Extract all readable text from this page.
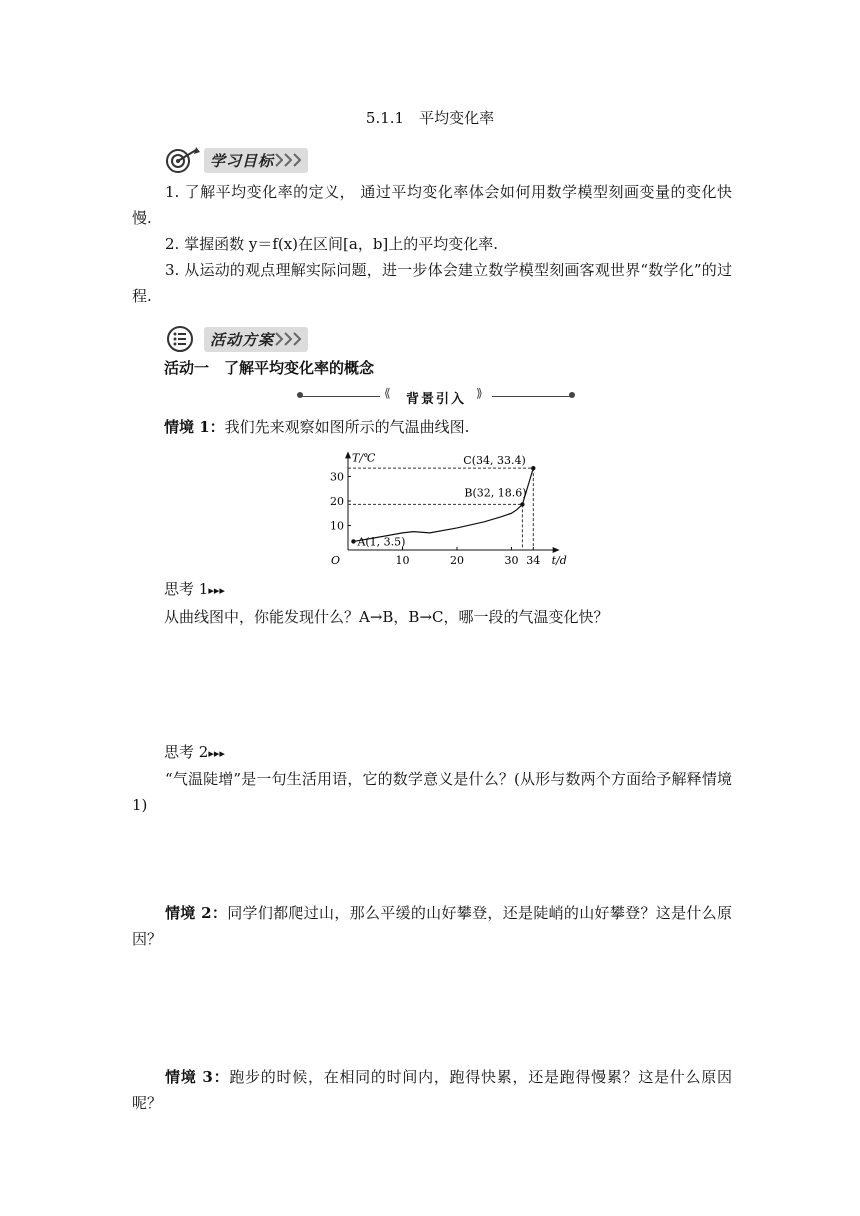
5.1.1　平均变化率
学习目标
1. 了解平均变化率的定义， 通过平均变化率体会如何用数学模型刻画变量的变化快慢.
2. 掌握函数 y＝f(x)在区间[a，b]上的平均变化率.
3. 从运动的观点理解实际问题，进一步体会建立数学模型刻画客观世界“数学化”的过程.
活动方案
活动一　了解平均变化率的概念
⟪	⟫
背景引入
情境 1：我们先来观察如图所示的气温曲线图.
10	20	30 34
10
20
30
O
T/℃
t/d
A(1, 3.5)
B(32, 18.6)
C(34, 33.4)
思考 1▸▸▸
从曲线图中，你能发现什么？A→B，B→C，哪一段的气温变化快？
思考 2▸▸▸
“气温陡增”是一句生活用语，它的数学意义是什么？(从形与数两个方面给予解释情境 1)
情境 2：同学们都爬过山，那么平缓的山好攀登，还是陡峭的山好攀登？这是什么原因？
情境 3：跑步的时候，在相同的时间内，跑得快累，还是跑得慢累？这是什么原因呢？
